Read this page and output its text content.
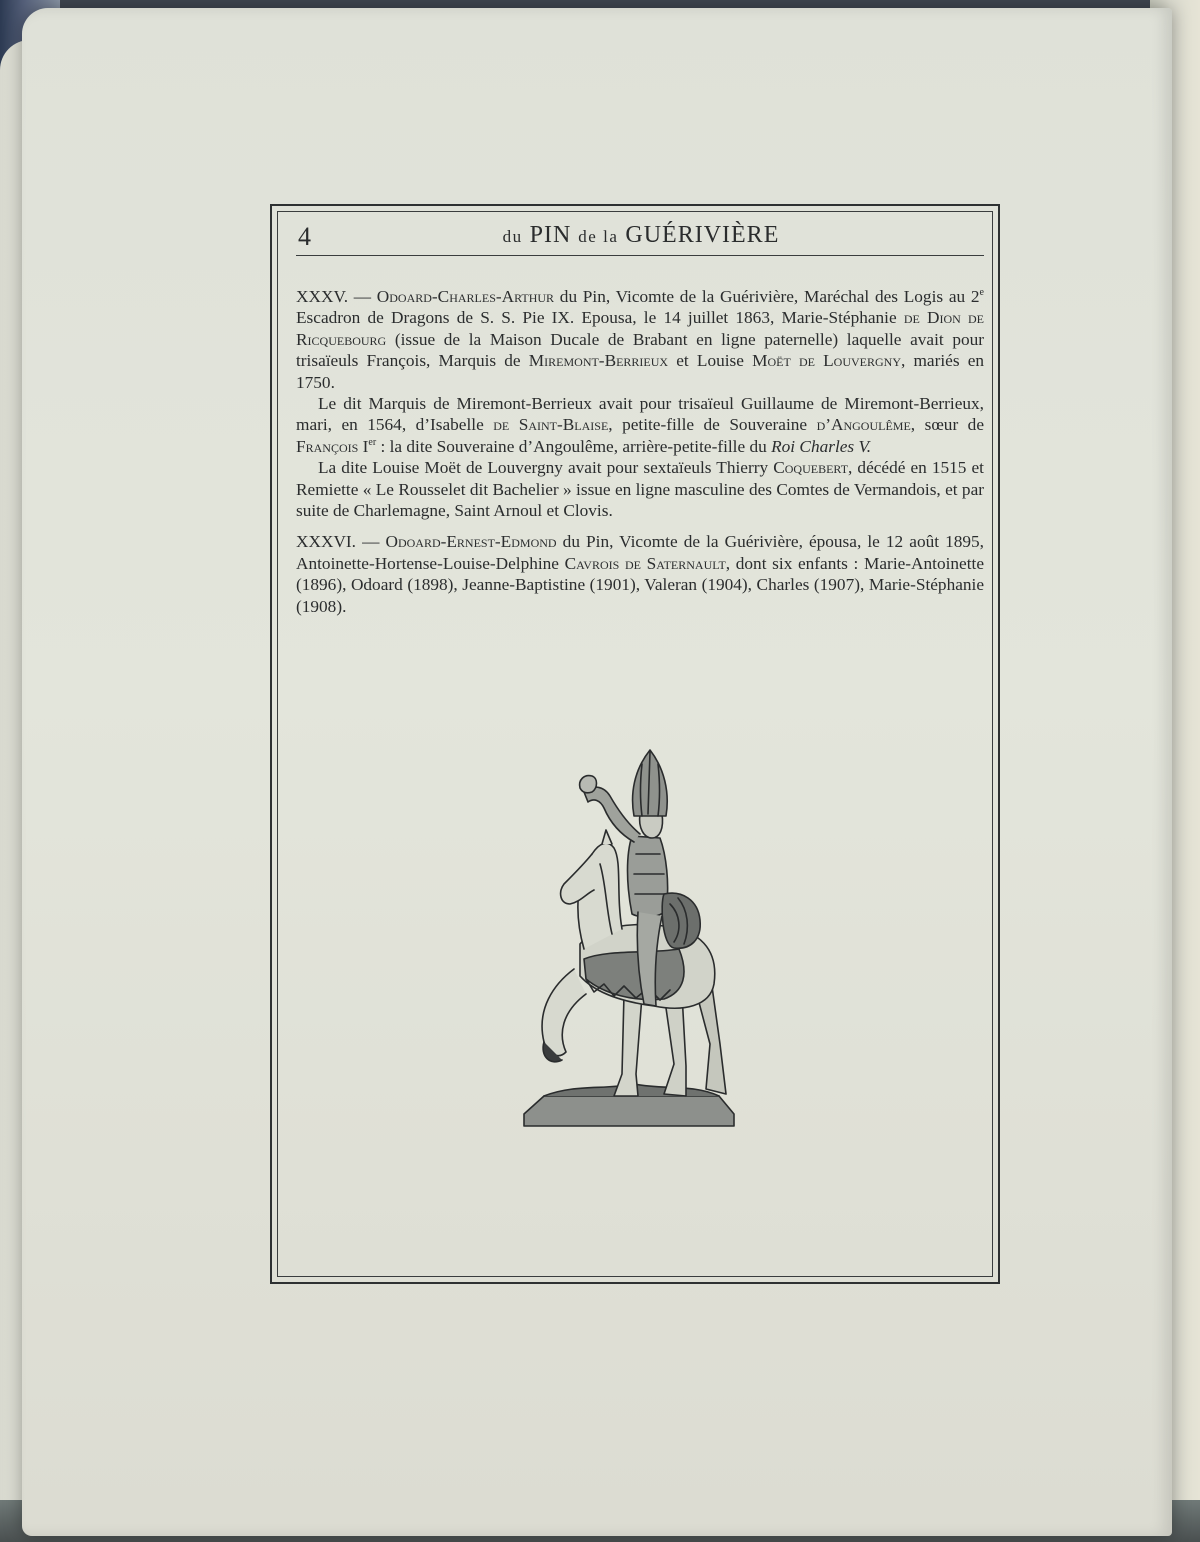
4	du PIN de la GUÉRIVIÈRE

XXXV. — Odoard-Charles-Arthur du Pin, Vicomte de la Guérivière, Maréchal des Logis au 2e Escadron de Dragons de S. S. Pie IX. Epousa, le 14 juillet 1863, Marie-Stéphanie de Dion de Ricquebourg (issue de la Maison Ducale de Brabant en ligne paternelle) laquelle avait pour trisaïeuls François, Marquis de Miremont-Berrieux et Louise Moët de Louvergny, mariés en 1750.

Le dit Marquis de Miremont-Berrieux avait pour trisaïeul Guillaume de Miremont-Berrieux, mari, en 1564, d’Isabelle de Saint-Blaise, petite-fille de Souveraine d’Angoulême, sœur de François Ier : la dite Souveraine d’Angoulême, arrière-petite-fille du Roi Charles V.

La dite Louise Moët de Louvergny avait pour sextaïeuls Thierry Coquebert, décédé en 1515 et Remiette « Le Rousselet dit Bachelier » issue en ligne masculine des Comtes de Vermandois, et par suite de Charlemagne, Saint Arnoul et Clovis.

XXXVI. — Odoard-Ernest-Edmond du Pin, Vicomte de la Guérivière, épousa, le 12 août 1895, Antoinette-Hortense-Louise-Delphine Cavrois de Saternault, dont six enfants : Marie-Antoinette (1896), Odoard (1898), Jeanne-Baptistine (1901), Valeran (1904), Charles (1907), Marie-Stéphanie (1908).
